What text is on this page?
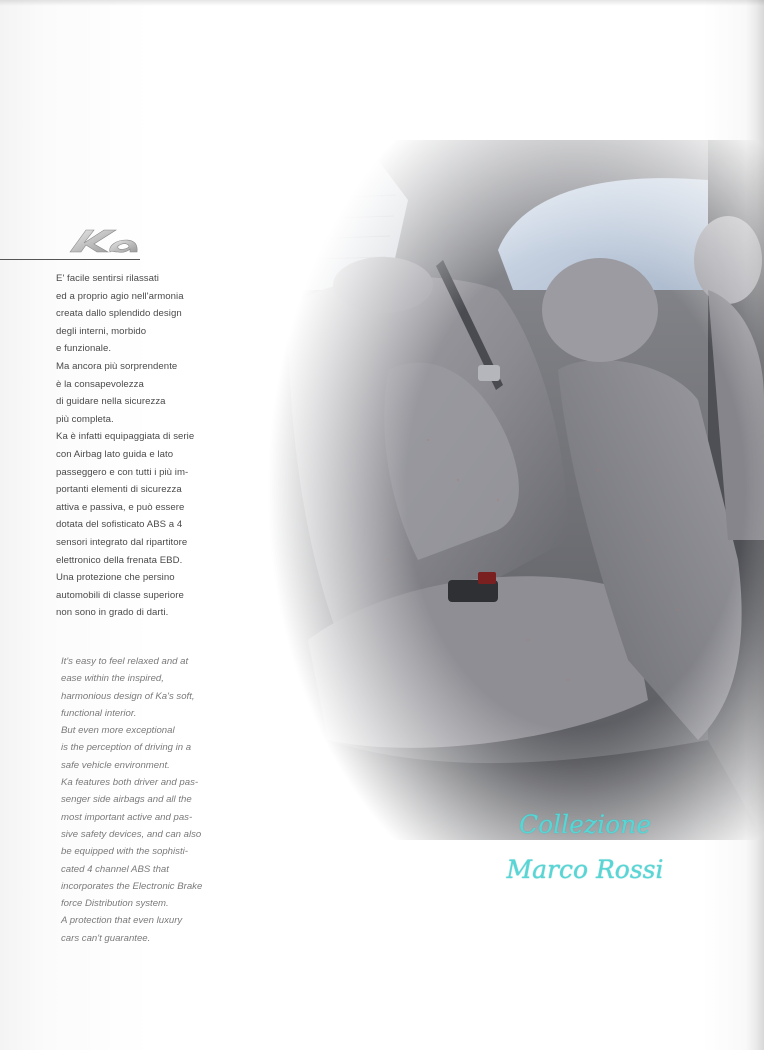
E' facile sentirsi rilassati
ed a proprio agio nell'armonia
creata dallo splendido design
degli interni, morbido
e funzionale.
Ma ancora più sorprendente
è la consapevolezza
di guidare nella sicurezza
più completa.
Ka è infatti equipaggiata di serie
con Airbag lato guida e lato
passeggero e con tutti i più im-
portanti elementi di sicurezza
attiva e passiva, e può essere
dotata del sofisticato ABS a 4
sensori integrato dal ripartitore
elettronico della frenata EBD.
Una protezione che persino
automobili di classe superiore
non sono in grado di darti.
It's easy to feel relaxed and at
ease within the inspired,
harmonious design of Ka's soft,
functional interior.
But even more exceptional
is the perception of driving in a
safe vehicle environment.
Ka features both driver and pas-
senger side airbags and all the
most important active and pas-
sive safety devices, and can also
be equipped with the sophisti-
cated 4 channel ABS that
incorporates the Electronic Brake
force Distribution system.
A protection that even luxury
cars can't guarantee.
Collezione
Marco Rossi
